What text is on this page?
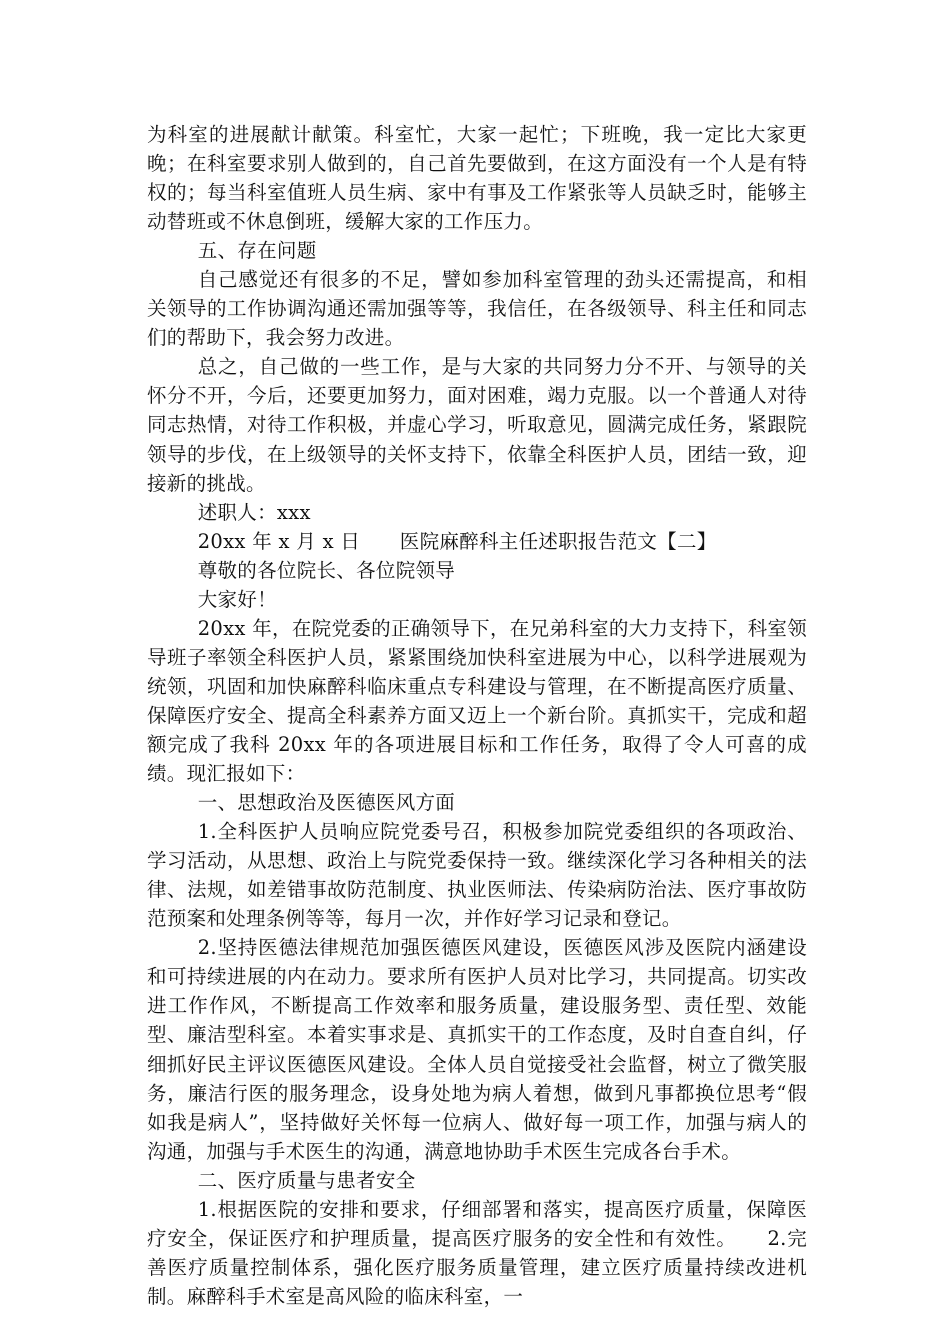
为科室的进展献计献策。科室忙，大家一起忙；下班晚，我一定比大家更晚；在科室要求别人做到的，自己首先要做到，在这方面没有一个人是有特权的；每当科室值班人员生病、家中有事及工作紧张等人员缺乏时，能够主动替班或不休息倒班，缓解大家的工作压力。

五、存在问题

自己感觉还有很多的不足，譬如参加科室管理的劲头还需提高，和相关领导的工作协调沟通还需加强等等，我信任，在各级领导、科主任和同志们的帮助下，我会努力改进。

总之，自己做的一些工作，是与大家的共同努力分不开、与领导的关怀分不开，今后，还要更加努力，面对困难，竭力克服。以一个普通人对待同志热情，对待工作积极，并虚心学习，听取意见，圆满完成任务，紧跟院领导的步伐，在上级领导的关怀支持下，依靠全科医护人员，团结一致，迎接新的挑战。

述职人：xxx

20xx 年 x 月 x 日　　医院麻醉科主任述职报告范文【二】

尊敬的各位院长、各位院领导

大家好！

20xx 年，在院党委的正确领导下，在兄弟科室的大力支持下，科室领导班子率领全科医护人员，紧紧围绕加快科室进展为中心，以科学进展观为统领，巩固和加快麻醉科临床重点专科建设与管理，在不断提高医疗质量、保障医疗安全、提高全科素养方面又迈上一个新台阶。真抓实干，完成和超额完成了我科 20xx 年的各项进展目标和工作任务，取得了令人可喜的成绩。现汇报如下：

一、思想政治及医德医风方面

1.全科医护人员响应院党委号召，积极参加院党委组织的各项政治、学习活动，从思想、政治上与院党委保持一致。继续深化学习各种相关的法律、法规，如差错事故防范制度、执业医师法、传染病防治法、医疗事故防范预案和处理条例等等，每月一次，并作好学习记录和登记。

2.坚持医德法律规范加强医德医风建设，医德医风涉及医院内涵建设和可持续进展的内在动力。要求所有医护人员对比学习，共同提高。切实改进工作作风，不断提高工作效率和服务质量，建设服务型、责任型、效能型、廉洁型科室。本着实事求是、真抓实干的工作态度，及时自查自纠，仔细抓好民主评议医德医风建设。全体人员自觉接受社会监督，树立了微笑服务，廉洁行医的服务理念，设身处地为病人着想，做到凡事都换位思考“假如我是病人”，坚持做好关怀每一位病人、做好每一项工作，加强与病人的沟通，加强与手术医生的沟通，满意地协助手术医生完成各台手术。

二、医疗质量与患者安全

1.根据医院的安排和要求，仔细部署和落实，提高医疗质量，保障医疗安全，保证医疗和护理质量，提高医疗服务的安全性和有效性。　　2.完善医疗质量控制体系，强化医疗服务质量管理，建立医疗质量持续改进机制。麻醉科手术室是高风险的临床科室，一
